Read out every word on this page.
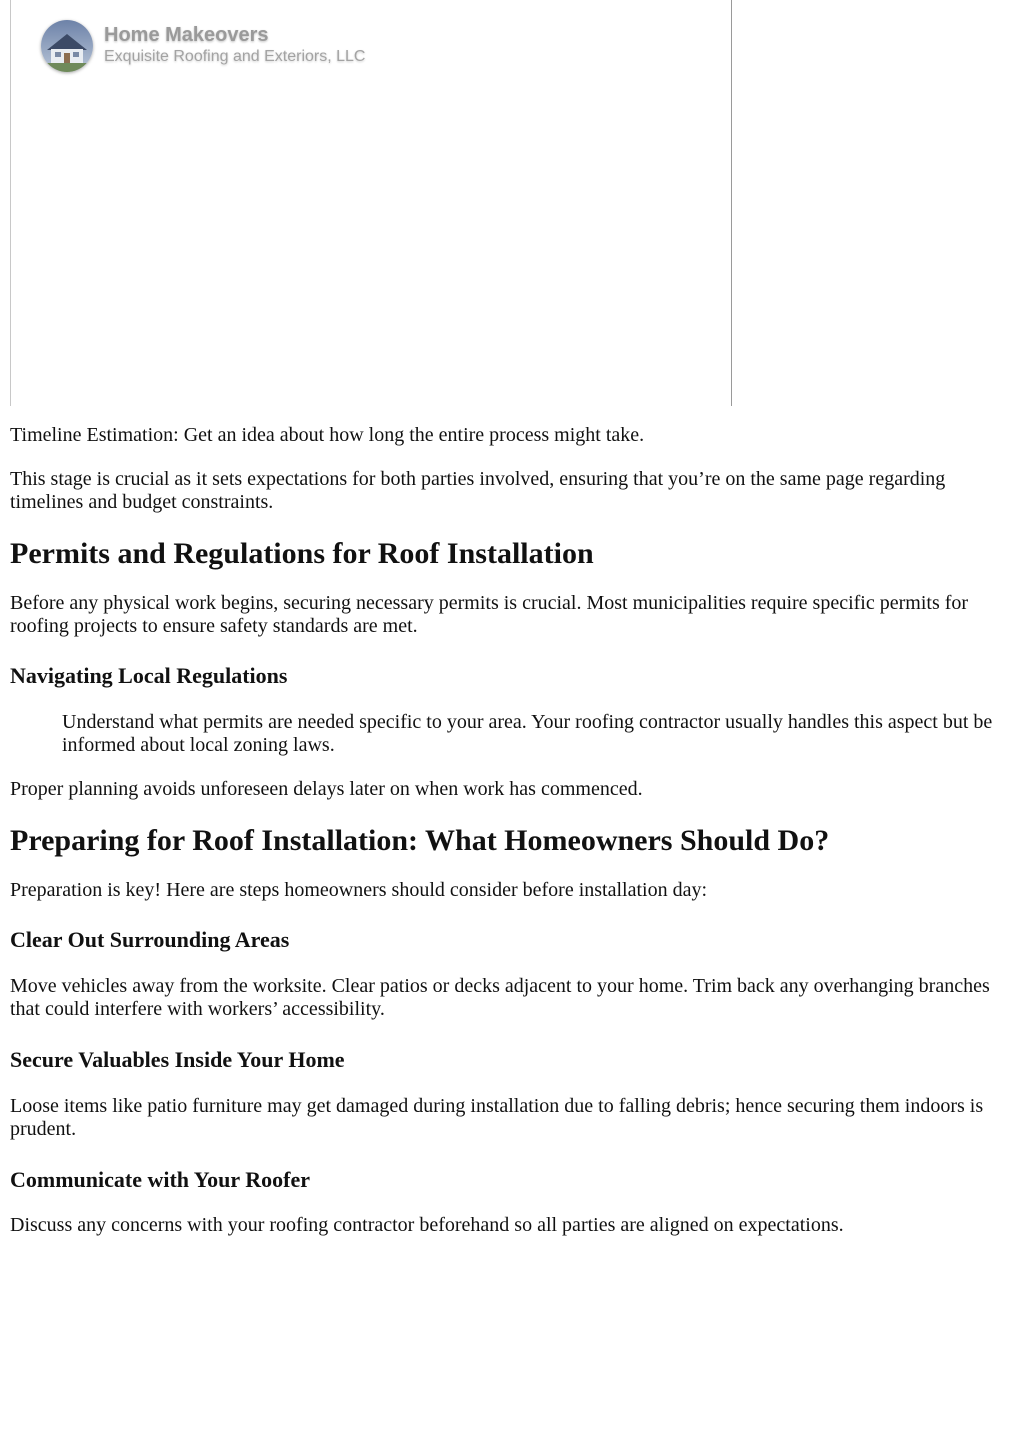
Home Makeovers
Exquisite Roofing and Exteriors, LLC

Timeline Estimation: Get an idea about how long the entire process might take.

This stage is crucial as it sets expectations for both parties involved, ensuring that you’re on the same page regarding timelines and budget constraints.

Permits and Regulations for Roof Installation

Before any physical work begins, securing necessary permits is crucial. Most municipalities require specific permits for roofing projects to ensure safety standards are met.

Navigating Local Regulations

Understand what permits are needed specific to your area. Your roofing contractor usually handles this aspect but be informed about local zoning laws.

Proper planning avoids unforeseen delays later on when work has commenced.

Preparing for Roof Installation: What Homeowners Should Do?

Preparation is key! Here are steps homeowners should consider before installation day:

Clear Out Surrounding Areas

Move vehicles away from the worksite. Clear patios or decks adjacent to your home. Trim back any overhanging branches that could interfere with workers’ accessibility.

Secure Valuables Inside Your Home

Loose items like patio furniture may get damaged during installation due to falling debris; hence securing them indoors is prudent.

Communicate with Your Roofer

Discuss any concerns with your roofing contractor beforehand so all parties are aligned on expectations.
